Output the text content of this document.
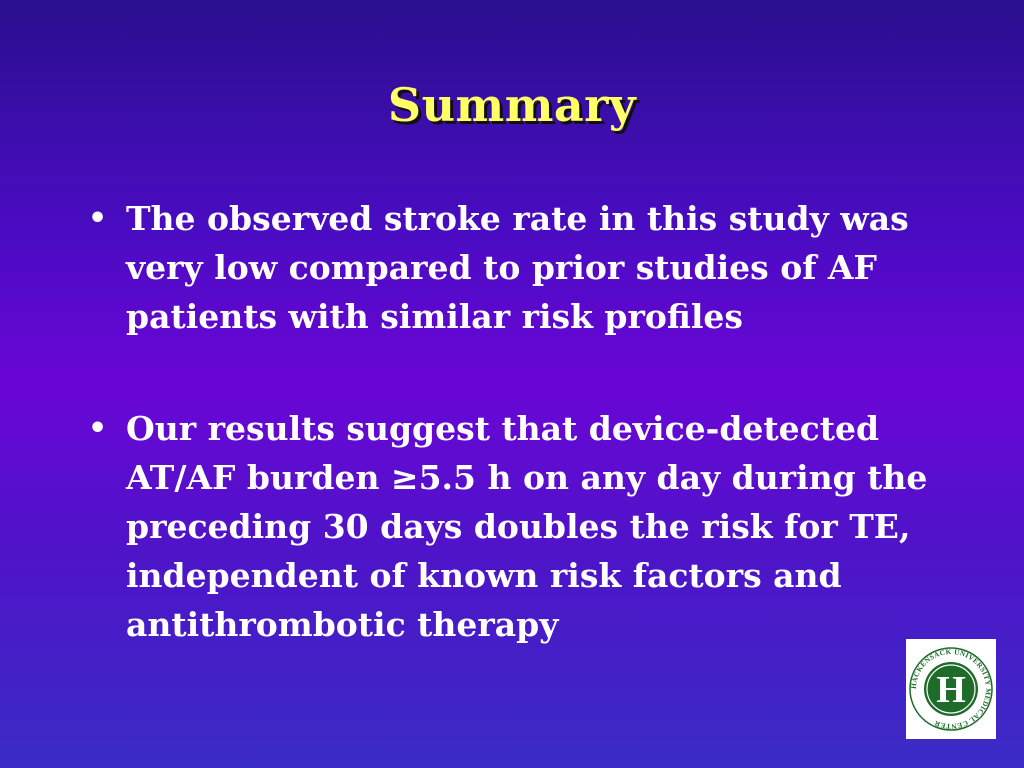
Summary
• The observed stroke rate in this study was very low compared to prior studies of AF patients with similar risk profiles
• Our results suggest that device-detected AT/AF burden ≥5.5 h on any day during the preceding 30 days doubles the risk for TE, independent of known risk factors and antithrombotic therapy
HACKENSACK UNIVERSITY MEDICAL CENTER
H
